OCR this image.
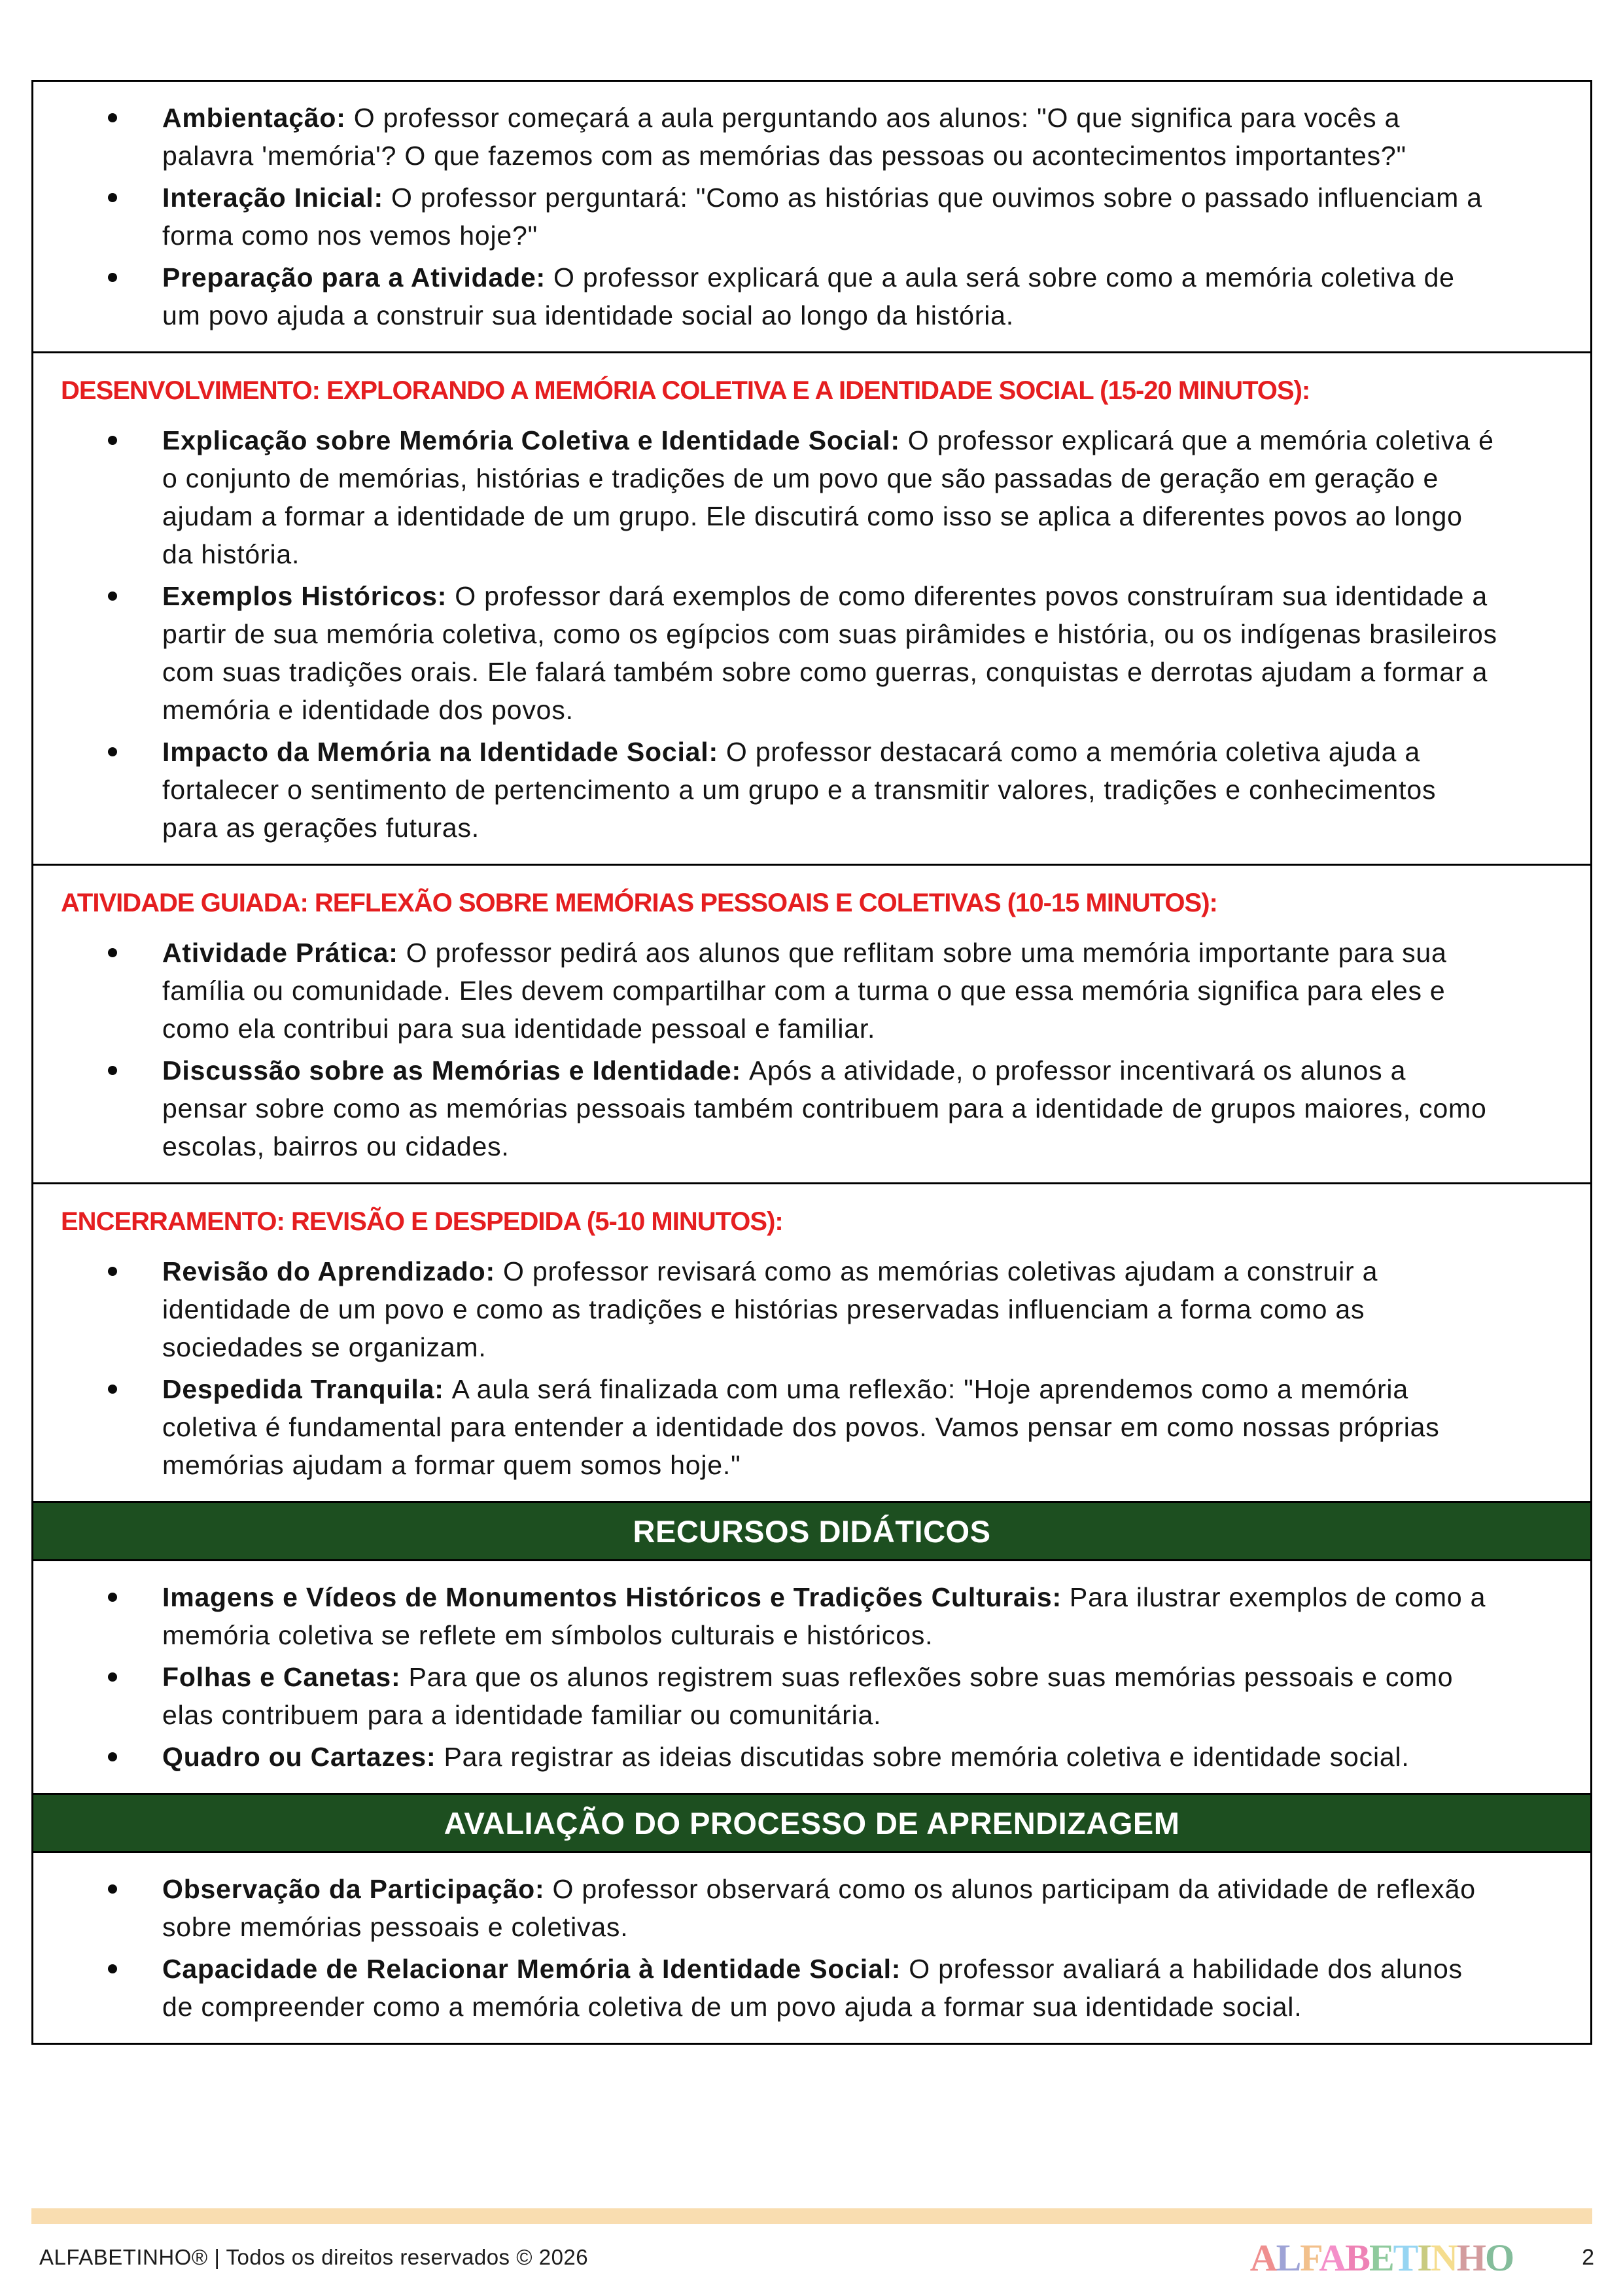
Ambientação: O professor começará a aula perguntando aos alunos: "O que significa para vocês a palavra 'memória'? O que fazemos com as memórias das pessoas ou acontecimentos importantes?"
Interação Inicial: O professor perguntará: "Como as histórias que ouvimos sobre o passado influenciam a forma como nos vemos hoje?"
Preparação para a Atividade: O professor explicará que a aula será sobre como a memória coletiva de um povo ajuda a construir sua identidade social ao longo da história.
DESENVOLVIMENTO: EXPLORANDO A MEMÓRIA COLETIVA E A IDENTIDADE SOCIAL (15-20 MINUTOS):
Explicação sobre Memória Coletiva e Identidade Social: O professor explicará que a memória coletiva é o conjunto de memórias, histórias e tradições de um povo que são passadas de geração em geração e ajudam a formar a identidade de um grupo. Ele discutirá como isso se aplica a diferentes povos ao longo da história.
Exemplos Históricos: O professor dará exemplos de como diferentes povos construíram sua identidade a partir de sua memória coletiva, como os egípcios com suas pirâmides e história, ou os indígenas brasileiros com suas tradições orais. Ele falará também sobre como guerras, conquistas e derrotas ajudam a formar a memória e identidade dos povos.
Impacto da Memória na Identidade Social: O professor destacará como a memória coletiva ajuda a fortalecer o sentimento de pertencimento a um grupo e a transmitir valores, tradições e conhecimentos para as gerações futuras.
ATIVIDADE GUIADA: REFLEXÃO SOBRE MEMÓRIAS PESSOAIS E COLETIVAS (10-15 MINUTOS):
Atividade Prática: O professor pedirá aos alunos que reflitam sobre uma memória importante para sua família ou comunidade. Eles devem compartilhar com a turma o que essa memória significa para eles e como ela contribui para sua identidade pessoal e familiar.
Discussão sobre as Memórias e Identidade: Após a atividade, o professor incentivará os alunos a pensar sobre como as memórias pessoais também contribuem para a identidade de grupos maiores, como escolas, bairros ou cidades.
ENCERRAMENTO: REVISÃO E DESPEDIDA (5-10 MINUTOS):
Revisão do Aprendizado: O professor revisará como as memórias coletivas ajudam a construir a identidade de um povo e como as tradições e histórias preservadas influenciam a forma como as sociedades se organizam.
Despedida Tranquila: A aula será finalizada com uma reflexão: "Hoje aprendemos como a memória coletiva é fundamental para entender a identidade dos povos. Vamos pensar em como nossas próprias memórias ajudam a formar quem somos hoje."
RECURSOS DIDÁTICOS
Imagens e Vídeos de Monumentos Históricos e Tradições Culturais: Para ilustrar exemplos de como a memória coletiva se reflete em símbolos culturais e históricos.
Folhas e Canetas: Para que os alunos registrem suas reflexões sobre suas memórias pessoais e como elas contribuem para a identidade familiar ou comunitária.
Quadro ou Cartazes: Para registrar as ideias discutidas sobre memória coletiva e identidade social.
AVALIAÇÃO DO PROCESSO DE APRENDIZAGEM
Observação da Participação: O professor observará como os alunos participam da atividade de reflexão sobre memórias pessoais e coletivas.
Capacidade de Relacionar Memória à Identidade Social: O professor avaliará a habilidade dos alunos de compreender como a memória coletiva de um povo ajuda a formar sua identidade social.
ALFABETINHO® | Todos os direitos reservados © 2026	ALFABETINHO	2
